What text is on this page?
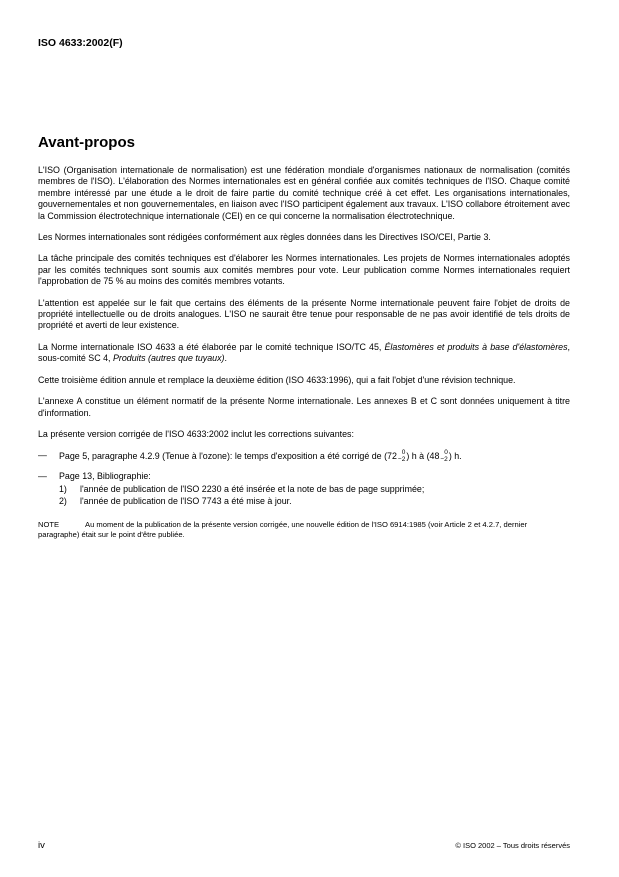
ISO 4633:2002(F)
Avant-propos

L'ISO (Organisation internationale de normalisation) est une fédération mondiale d'organismes nationaux de normalisation (comités membres de l'ISO). L'élaboration des Normes internationales est en général confiée aux comités techniques de l'ISO. Chaque comité membre intéressé par une étude a le droit de faire partie du comité technique créé à cet effet. Les organisations internationales, gouvernementales et non gouvernementales, en liaison avec l'ISO participent également aux travaux. L'ISO collabore étroitement avec la Commission électrotechnique internationale (CEI) en ce qui concerne la normalisation électrotechnique.

Les Normes internationales sont rédigées conformément aux règles données dans les Directives ISO/CEI, Partie 3.

La tâche principale des comités techniques est d'élaborer les Normes internationales. Les projets de Normes internationales adoptés par les comités techniques sont soumis aux comités membres pour vote. Leur publication comme Normes internationales requiert l'approbation de 75 % au moins des comités membres votants.

L'attention est appelée sur le fait que certains des éléments de la présente Norme internationale peuvent faire l'objet de droits de propriété intellectuelle ou de droits analogues. L'ISO ne saurait être tenue pour responsable de ne pas avoir identifié de tels droits de propriété et averti de leur existence.

La Norme internationale ISO 4633 a été élaborée par le comité technique ISO/TC 45, Élastomères et produits à base d'élastomères, sous-comité SC 4, Produits (autres que tuyaux).

Cette troisième édition annule et remplace la deuxième édition (ISO 4633:1996), qui a fait l'objet d'une révision technique.

L'annexe A constitue un élément normatif de la présente Norme internationale. Les annexes B et C sont données uniquement à titre d'information.

La présente version corrigée de l'ISO 4633:2002 inclut les corrections suivantes:

—	Page 5, paragraphe 4.2.9 (Tenue à l'ozone): le temps d'exposition a été corrigé de (72 0
−2 ) h à (48 0
−2 ) h.
—	Page 13, Bibliographie:
1)	l'année de publication de l'ISO 2230 a été insérée et la note de bas de page supprimée;
2)	l'année de publication de l'ISO 7743 a été mise à jour.

NOTE	Au moment de la publication de la présente version corrigée, une nouvelle édition de l'ISO 6914:1985 (voir Article 2 et 4.2.7, dernier paragraphe) était sur le point d'être publiée.

iv	© ISO 2002 – Tous droits réservés
